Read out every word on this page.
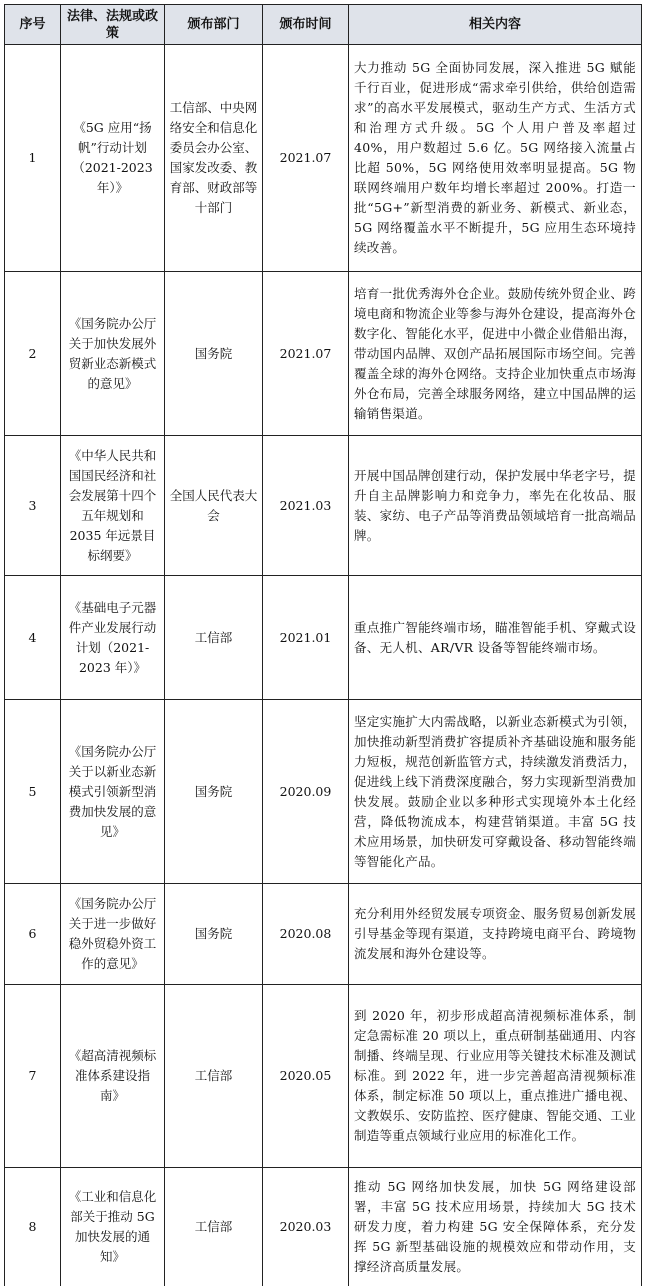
序号	法律、法规或政策	颁布部门	颁布时间	相关内容
1	《5G 应用“扬帆”行动计划（2021-2023 年）》	工信部、中央网络安全和信息化委员会办公室、国家发改委、教育部、财政部等十部门	2021.07	大力推动 5G 全面协同发展，深入推进 5G 赋能千行百业，促进形成“需求牵引供给，供给创造需求”的高水平发展模式，驱动生产方式、生活方式和治理方式升级。5G 个人用户普及率超过 40%，用户数超过 5.6 亿。5G 网络接入流量占比超 50%，5G 网络使用效率明显提高。5G 物联网终端用户数年均增长率超过 200%。打造一批“5G+”新型消费的新业务、新模式、新业态，5G 网络覆盖水平不断提升，5G 应用生态环境持续改善。
2	《国务院办公厅关于加快发展外贸新业态新模式的意见》	国务院	2021.07	培育一批优秀海外仓企业。鼓励传统外贸企业、跨境电商和物流企业等参与海外仓建设，提高海外仓数字化、智能化水平，促进中小微企业借船出海，带动国内品牌、双创产品拓展国际市场空间。完善覆盖全球的海外仓网络。支持企业加快重点市场海外仓布局，完善全球服务网络，建立中国品牌的运输销售渠道。
3	《中华人民共和国国民经济和社会发展第十四个五年规划和 2035 年远景目标纲要》	全国人民代表大会	2021.03	开展中国品牌创建行动，保护发展中华老字号，提升自主品牌影响力和竞争力，率先在化妆品、服装、家纺、电子产品等消费品领域培育一批高端品牌。
4	《基础电子元器件产业发展行动计划（2021-2023 年）》	工信部	2021.01	重点推广智能终端市场，瞄准智能手机、穿戴式设备、无人机、AR/VR 设备等智能终端市场。
5	《国务院办公厅关于以新业态新模式引领新型消费加快发展的意见》	国务院	2020.09	坚定实施扩大内需战略，以新业态新模式为引领，加快推动新型消费扩容提质补齐基础设施和服务能力短板，规范创新监管方式，持续激发消费活力，促进线上线下消费深度融合，努力实现新型消费加快发展。鼓励企业以多种形式实现境外本土化经营，降低物流成本，构建营销渠道。丰富 5G 技术应用场景，加快研发可穿戴设备、移动智能终端等智能化产品。
6	《国务院办公厅关于进一步做好稳外贸稳外资工作的意见》	国务院	2020.08	充分利用外经贸发展专项资金、服务贸易创新发展引导基金等现有渠道，支持跨境电商平台、跨境物流发展和海外仓建设等。
7	《超高清视频标准体系建设指南》	工信部	2020.05	到 2020 年，初步形成超高清视频标准体系，制定急需标准 20 项以上，重点研制基础通用、内容制播、终端呈现、行业应用等关键技术标准及测试标准。到 2022 年，进一步完善超高清视频标准体系，制定标准 50 项以上，重点推进广播电视、文教娱乐、安防监控、医疗健康、智能交通、工业制造等重点领域行业应用的标准化工作。
8	《工业和信息化部关于推动 5G 加快发展的通知》	工信部	2020.03	推动 5G 网络加快发展，加快 5G 网络建设部署，丰富 5G 技术应用场景，持续加大 5G 技术研发力度，着力构建 5G 安全保障体系，充分发挥 5G 新型基础设施的规模效应和带动作用，支撑经济高质量发展。
